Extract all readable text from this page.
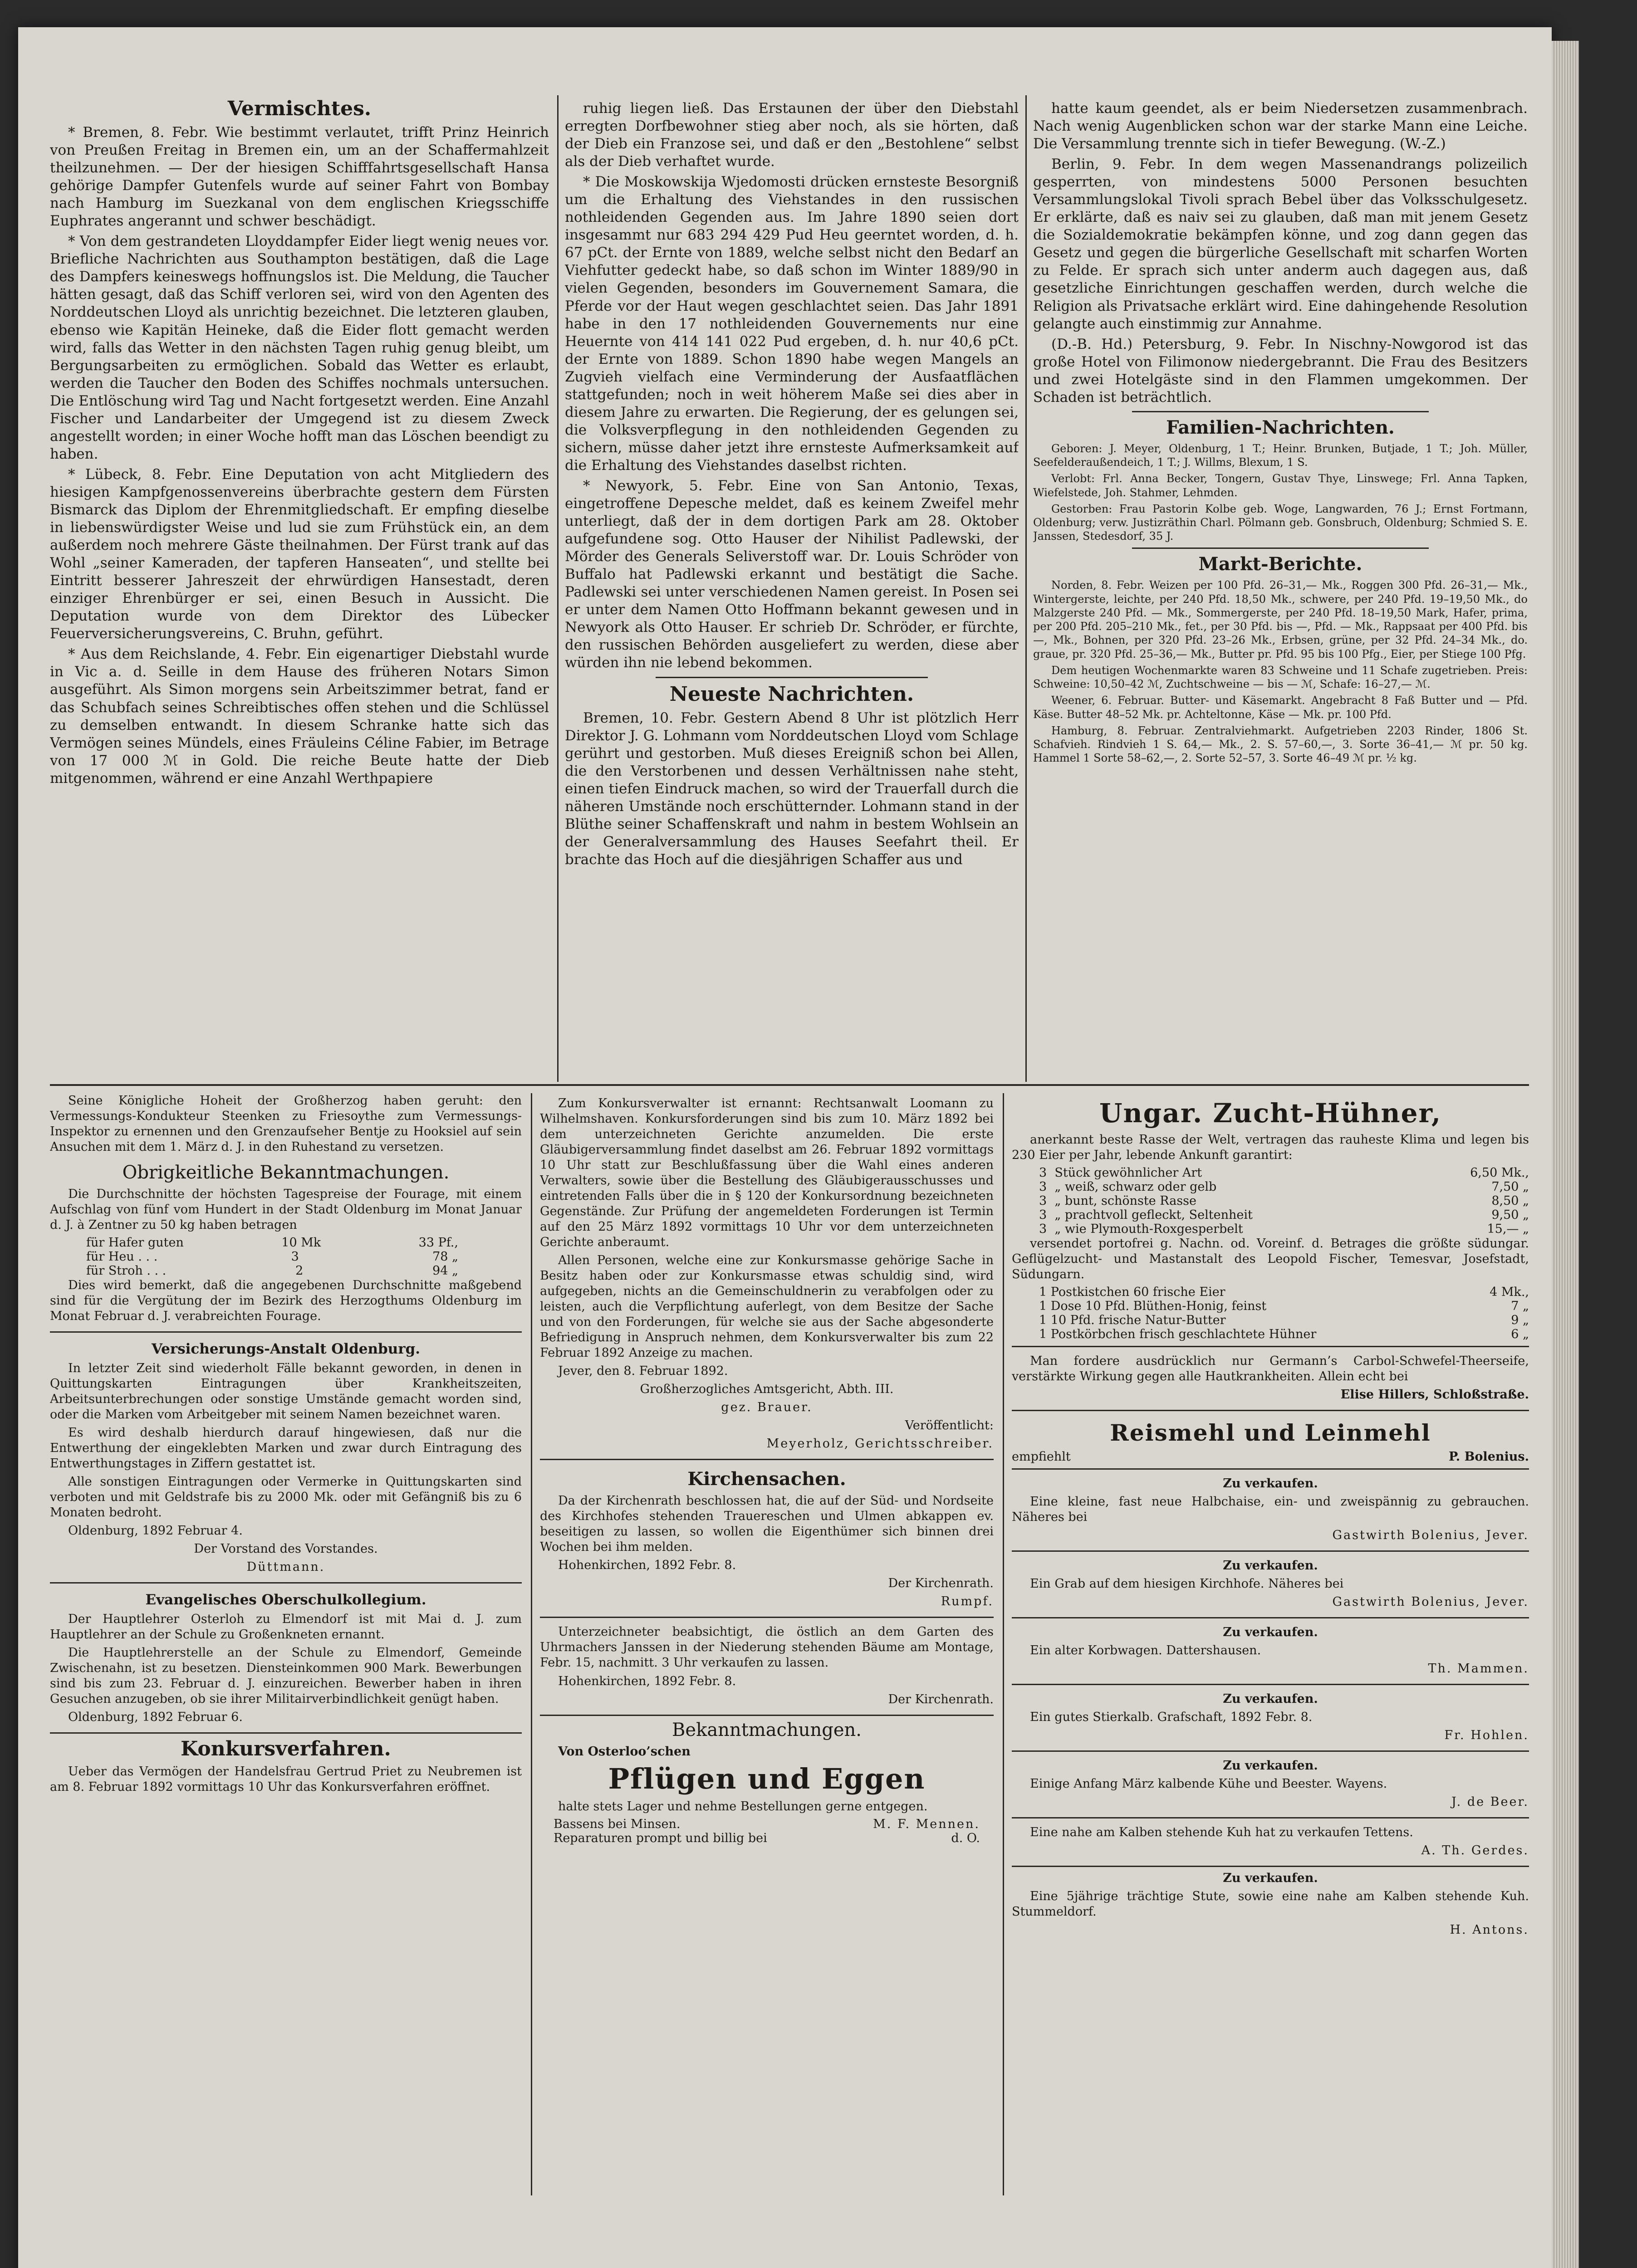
Vermischtes.

* Bremen, 8. Febr. Wie bestimmt verlautet, trifft Prinz Heinrich von Preußen Freitag in Bremen ein, um an der Schaffermahlzeit theilzunehmen. — Der der hiesigen Schifffahrtsgesellschaft Hansa gehörige Dampfer Gutenfels wurde auf seiner Fahrt von Bombay nach Hamburg im Suezkanal von dem englischen Kriegsschiffe Euphrates angerannt und schwer beschädigt.

* Von dem gestrandeten Lloyddampfer Eider liegt wenig neues vor. Briefliche Nachrichten aus Southampton bestätigen, daß die Lage des Dampfers keineswegs hoffnungslos ist. Die Meldung, die Taucher hätten gesagt, daß das Schiff verloren sei, wird von den Agenten des Norddeutschen Lloyd als unrichtig bezeichnet. Die letzteren glauben, ebenso wie Kapitän Heineke, daß die Eider flott gemacht werden wird, falls das Wetter in den nächsten Tagen ruhig genug bleibt, um Bergungsarbeiten zu ermöglichen. Sobald das Wetter es erlaubt, werden die Taucher den Boden des Schiffes nochmals untersuchen. Die Entlöschung wird Tag und Nacht fortgesetzt werden. Eine Anzahl Fischer und Landarbeiter der Umgegend ist zu diesem Zweck angestellt worden; in einer Woche hofft man das Löschen beendigt zu haben.

* Lübeck, 8. Febr. Eine Deputation von acht Mitgliedern des hiesigen Kampfgenossenvereins überbrachte gestern dem Fürsten Bismarck das Diplom der Ehrenmitgliedschaft. Er empfing dieselbe in liebenswürdigster Weise und lud sie zum Frühstück ein, an dem außerdem noch mehrere Gäste theilnahmen. Der Fürst trank auf das Wohl „seiner Kameraden, der tapferen Hanseaten“, und stellte bei Eintritt besserer Jahreszeit der ehrwürdigen Hansestadt, deren einziger Ehrenbürger er sei, einen Besuch in Aussicht. Die Deputation wurde von dem Direktor des Lübecker Feuerversicherungsvereins, C. Bruhn, geführt.

* Aus dem Reichslande, 4. Febr. Ein eigenartiger Diebstahl wurde in Vic a. d. Seille in dem Hause des früheren Notars Simon ausgeführt. Als Simon morgens sein Arbeitszimmer betrat, fand er das Schubfach seines Schreibtisches offen stehen und die Schlüssel zu demselben entwandt. In diesem Schranke hatte sich das Vermögen seines Mündels, eines Fräuleins Céline Fabier, im Betrage von 17 000 ℳ in Gold. Die reiche Beute hatte der Dieb mitgenommen, während er eine Anzahl Werthpapiere

ruhig liegen ließ. Das Erstaunen der über den Diebstahl erregten Dorfbewohner stieg aber noch, als sie hörten, daß der Dieb ein Franzose sei, und daß er den „Bestohlene“ selbst als der Dieb verhaftet wurde.

* Die Moskowskija Wjedomosti drücken ernsteste Besorgniß um die Erhaltung des Viehstandes in den russischen nothleidenden Gegenden aus. Im Jahre 1890 seien dort insgesammt nur 683 294 429 Pud Heu geerntet worden, d. h. 67 pCt. der Ernte von 1889, welche selbst nicht den Bedarf an Viehfutter gedeckt habe, so daß schon im Winter 1889/90 in vielen Gegenden, besonders im Gouvernement Samara, die Pferde vor der Haut wegen geschlachtet seien. Das Jahr 1891 habe in den 17 nothleidenden Gouvernements nur eine Heuernte von 414 141 022 Pud ergeben, d. h. nur 40,6 pCt. der Ernte von 1889. Schon 1890 habe wegen Mangels an Zugvieh vielfach eine Verminderung der Ausfaatflächen stattgefunden; noch in weit höherem Maße sei dies aber in diesem Jahre zu erwarten. Die Regierung, der es gelungen sei, die Volksverpflegung in den nothleidenden Gegenden zu sichern, müsse daher jetzt ihre ernsteste Aufmerksamkeit auf die Erhaltung des Viehstandes daselbst richten.

* Newyork, 5. Febr. Eine von San Antonio, Texas, eingetroffene Depesche meldet, daß es keinem Zweifel mehr unterliegt, daß der in dem dortigen Park am 28. Oktober aufgefundene sog. Otto Hauser der Nihilist Padlewski, der Mörder des Generals Seliverstoff war. Dr. Louis Schröder von Buffalo hat Padlewski erkannt und bestätigt die Sache. Padlewski sei unter verschiedenen Namen gereist. In Posen sei er unter dem Namen Otto Hoffmann bekannt gewesen und in Newyork als Otto Hauser. Er schrieb Dr. Schröder, er fürchte, den russischen Behörden ausgeliefert zu werden, diese aber würden ihn nie lebend bekommen.

Neueste Nachrichten.

Bremen, 10. Febr. Gestern Abend 8 Uhr ist plötzlich Herr Direktor J. G. Lohmann vom Norddeutschen Lloyd vom Schlage gerührt und gestorben. Muß dieses Ereigniß schon bei Allen, die den Verstorbenen und dessen Verhältnissen nahe steht, einen tiefen Eindruck machen, so wird der Trauerfall durch die näheren Umstände noch erschütternder. Lohmann stand in der Blüthe seiner Schaffenskraft und nahm in bestem Wohlsein an der Generalversammlung des Hauses Seefahrt theil. Er brachte das Hoch auf die diesjährigen Schaffer aus und

hatte kaum geendet, als er beim Niedersetzen zusammenbrach. Nach wenig Augenblicken schon war der starke Mann eine Leiche. Die Versammlung trennte sich in tiefer Bewegung. (W.-Z.)

Berlin, 9. Febr. In dem wegen Massenandrangs polizeilich gesperrten, von mindestens 5000 Personen besuchten Versammlungslokal Tivoli sprach Bebel über das Volksschulgesetz. Er erklärte, daß es naiv sei zu glauben, daß man mit jenem Gesetz die Sozialdemokratie bekämpfen könne, und zog dann gegen das Gesetz und gegen die bürgerliche Gesellschaft mit scharfen Worten zu Felde. Er sprach sich unter anderm auch dagegen aus, daß gesetzliche Einrichtungen geschaffen werden, durch welche die Religion als Privatsache erklärt wird. Eine dahingehende Resolution gelangte auch einstimmig zur Annahme.

(D.-B. Hd.) Petersburg, 9. Febr. In Nischny-Nowgorod ist das große Hotel von Filimonow niedergebrannt. Die Frau des Besitzers und zwei Hotelgäste sind in den Flammen umgekommen. Der Schaden ist beträchtlich.

Familien-Nachrichten.

Geboren: J. Meyer, Oldenburg, 1 T.; Heinr. Brunken, Butjade, 1 T.; Joh. Müller, Seefelderaußendeich, 1 T.; J. Willms, Blexum, 1 S.

Verlobt: Frl. Anna Becker, Tongern, Gustav Thye, Linswege; Frl. Anna Tapken, Wiefelstede, Joh. Stahmer, Lehmden.

Gestorben: Frau Pastorin Kolbe geb. Woge, Langwarden, 76 J.; Ernst Fortmann, Oldenburg; verw. Justizräthin Charl. Pölmann geb. Gonsbruch, Oldenburg; Schmied S. E. Janssen, Stedesdorf, 35 J.

Markt-Berichte.

Norden, 8. Febr. Weizen per 100 Pfd. 26–31,— Mk., Roggen 300 Pfd. 26–31,— Mk., Wintergerste, leichte, per 240 Pfd. 18,50 Mk., schwere, per 240 Pfd. 19–19,50 Mk., do Malzgerste 240 Pfd. — Mk., Sommergerste, per 240 Pfd. 18–19,50 Mark, Hafer, prima, per 200 Pfd. 205–210 Mk., fet., per 30 Pfd. bis —, Pfd. — Mk., Rappsaat per 400 Pfd. bis —, Mk., Bohnen, per 320 Pfd. 23–26 Mk., Erbsen, grüne, per 32 Pfd. 24–34 Mk., do. graue, pr. 320 Pfd. 25–36,— Mk., Butter pr. Pfd. 95 bis 100 Pfg., Eier, per Stiege 100 Pfg.

Dem heutigen Wochenmarkte waren 83 Schweine und 11 Schafe zugetrieben. Preis: Schweine: 10,50–42 ℳ, Zuchtschweine — bis — ℳ, Schafe: 16–27,— ℳ.

Weener, 6. Februar. Butter- und Käsemarkt. Angebracht 8 Faß Butter und — Pfd. Käse. Butter 48–52 Mk. pr. Achteltonne, Käse — Mk. pr. 100 Pfd.

Hamburg, 8. Februar. Zentralviehmarkt. Aufgetrieben 2203 Rinder, 1806 St. Schafvieh. Rindvieh 1 S. 64,— Mk., 2. S. 57–60,—, 3. Sorte 36–41,— ℳ pr. 50 kg. Hammel 1 Sorte 58–62,—, 2. Sorte 52–57, 3. Sorte 46–49 ℳ pr. ½ kg.

Seine Königliche Hoheit der Großherzog haben geruht: den Vermessungs-Kondukteur Steenken zu Friesoythe zum Vermessungs-Inspektor zu ernennen und den Grenzaufseher Bentje zu Hooksiel auf sein Ansuchen mit dem 1. März d. J. in den Ruhestand zu versetzen.

Obrigkeitliche Bekanntmachungen.

Die Durchschnitte der höchsten Tagespreise der Fourage, mit einem Aufschlag von fünf vom Hundert in der Stadt Oldenburg im Monat Januar d. J. à Zentner zu 50 kg haben betragen

für Hafer guten	10 Mk	33 Pf.,
für Heu . . .	3	78 „
für Stroh . . .	2	94 „

Dies wird bemerkt, daß die angegebenen Durchschnitte maßgebend sind für die Vergütung der im Bezirk des Herzogthums Oldenburg im Monat Februar d. J. verabreichten Fourage.

Versicherungs-Anstalt Oldenburg.

In letzter Zeit sind wiederholt Fälle bekannt geworden, in denen in Quittungskarten Eintragungen über Krankheitszeiten, Arbeitsunterbrechungen oder sonstige Umstände gemacht worden sind, oder die Marken vom Arbeitgeber mit seinem Namen bezeichnet waren.

Es wird deshalb hierdurch darauf hingewiesen, daß nur die Entwerthung der eingeklebten Marken und zwar durch Eintragung des Entwerthungstages in Ziffern gestattet ist.

Alle sonstigen Eintragungen oder Vermerke in Quittungskarten sind verboten und mit Geldstrafe bis zu 2000 Mk. oder mit Gefängniß bis zu 6 Monaten bedroht.

Oldenburg, 1892 Februar 4.

Der Vorstand des Vorstandes.

Düttmann.

Evangelisches Oberschulkollegium.

Der Hauptlehrer Osterloh zu Elmendorf ist mit Mai d. J. zum Hauptlehrer an der Schule zu Großenkneten ernannt.

Die Hauptlehrerstelle an der Schule zu Elmendorf, Gemeinde Zwischenahn, ist zu besetzen. Diensteinkommen 900 Mark. Bewerbungen sind bis zum 23. Februar d. J. einzureichen. Bewerber haben in ihren Gesuchen anzugeben, ob sie ihrer Militairverbindlichkeit genügt haben.

Oldenburg, 1892 Februar 6.

Konkursverfahren.

Ueber das Vermögen der Handelsfrau Gertrud Priet zu Neubremen ist am 8. Februar 1892 vormittags 10 Uhr das Konkursverfahren eröffnet.

Zum Konkursverwalter ist ernannt: Rechtsanwalt Loomann zu Wilhelmshaven. Konkursforderungen sind bis zum 10. März 1892 bei dem unterzeichneten Gerichte anzumelden. Die erste Gläubigerversammlung findet daselbst am 26. Februar 1892 vormittags 10 Uhr statt zur Beschlußfassung über die Wahl eines anderen Verwalters, sowie über die Bestellung des Gläubigerausschusses und eintretenden Falls über die in § 120 der Konkursordnung bezeichneten Gegenstände. Zur Prüfung der angemeldeten Forderungen ist Termin auf den 25 März 1892 vormittags 10 Uhr vor dem unterzeichneten Gerichte anberaumt.

Allen Personen, welche eine zur Konkursmasse gehörige Sache in Besitz haben oder zur Konkursmasse etwas schuldig sind, wird aufgegeben, nichts an die Gemeinschuldnerin zu verabfolgen oder zu leisten, auch die Verpflichtung auferlegt, von dem Besitze der Sache und von den Forderungen, für welche sie aus der Sache abgesonderte Befriedigung in Anspruch nehmen, dem Konkursverwalter bis zum 22 Februar 1892 Anzeige zu machen.

Jever, den 8. Februar 1892.

Großherzogliches Amtsgericht, Abth. III.

gez. Brauer.

Veröffentlicht:

Meyerholz, Gerichtsschreiber.

Kirchensachen.

Da der Kirchenrath beschlossen hat, die auf der Süd- und Nordseite des Kirchhofes stehenden Trauereschen und Ulmen abkappen ev. beseitigen zu lassen, so wollen die Eigenthümer sich binnen drei Wochen bei ihm melden.

Hohenkirchen, 1892 Febr. 8.

Der Kirchenrath.

Rumpf.

Unterzeichneter beabsichtigt, die östlich an dem Garten des Uhrmachers Janssen in der Niederung stehenden Bäume am Montage, Febr. 15, nachmitt. 3 Uhr verkaufen zu lassen.

Hohenkirchen, 1892 Febr. 8.

Der Kirchenrath.

Bekanntmachungen.

Von Osterloo’schen

Pflügen und Eggen

halte stets Lager und nehme Bestellungen gerne entgegen.

Bassens bei Minsen.	M. F. Mennen.
Reparaturen prompt und billig bei	d. O.
Ungar. Zucht-Hühner,

anerkannt beste Rasse der Welt, vertragen das rauheste Klima und legen bis 230 Eier per Jahr, lebende Ankunft garantirt:

3 Stück gewöhnlicher Art	6,50 Mk.,
3 „ weiß, schwarz oder gelb	7,50 „
3 „ bunt, schönste Rasse	8,50 „
3 „ prachtvoll gefleckt, Seltenheit	9,50 „
3 „ wie Plymouth-Roxgesperbelt	15,— „

versendet portofrei g. Nachn. od. Voreinf. d. Betrages die größte südungar. Geflügelzucht- und Mastanstalt des Leopold Fischer, Temesvar, Josefstadt, Südungarn.

1 Postkistchen 60 frische Eier	4 Mk.,
1 Dose 10 Pfd. Blüthen-Honig, feinst	7 „
1 10 Pfd. frische Natur-Butter	9 „
1 Postkörbchen frisch geschlachtete Hühner	6 „

Man fordere ausdrücklich nur Germann’s Carbol-Schwefel-Theerseife, verstärkte Wirkung gegen alle Hautkrankheiten. Allein echt bei

Elise Hillers, Schloßstraße.

Reismehl und Leinmehl
empfiehlt	P. Bolenius.

Zu verkaufen.

Eine kleine, fast neue Halbchaise, ein- und zweispännig zu gebrauchen. Näheres bei

Gastwirth Bolenius, Jever.

Zu verkaufen.

Ein Grab auf dem hiesigen Kirchhofe. Näheres bei

Gastwirth Bolenius, Jever.

Zu verkaufen.

Ein alter Korbwagen. Dattershausen.

Th. Mammen.

Zu verkaufen.

Ein gutes Stierkalb. Grafschaft, 1892 Febr. 8.

Fr. Hohlen.

Zu verkaufen.

Einige Anfang März kalbende Kühe und Beester. Wayens.

J. de Beer.

Eine nahe am Kalben stehende Kuh hat zu verkaufen Tettens.

A. Th. Gerdes.

Zu verkaufen.

Eine 5jährige trächtige Stute, sowie eine nahe am Kalben stehende Kuh. Stummeldorf.

H. Antons.
